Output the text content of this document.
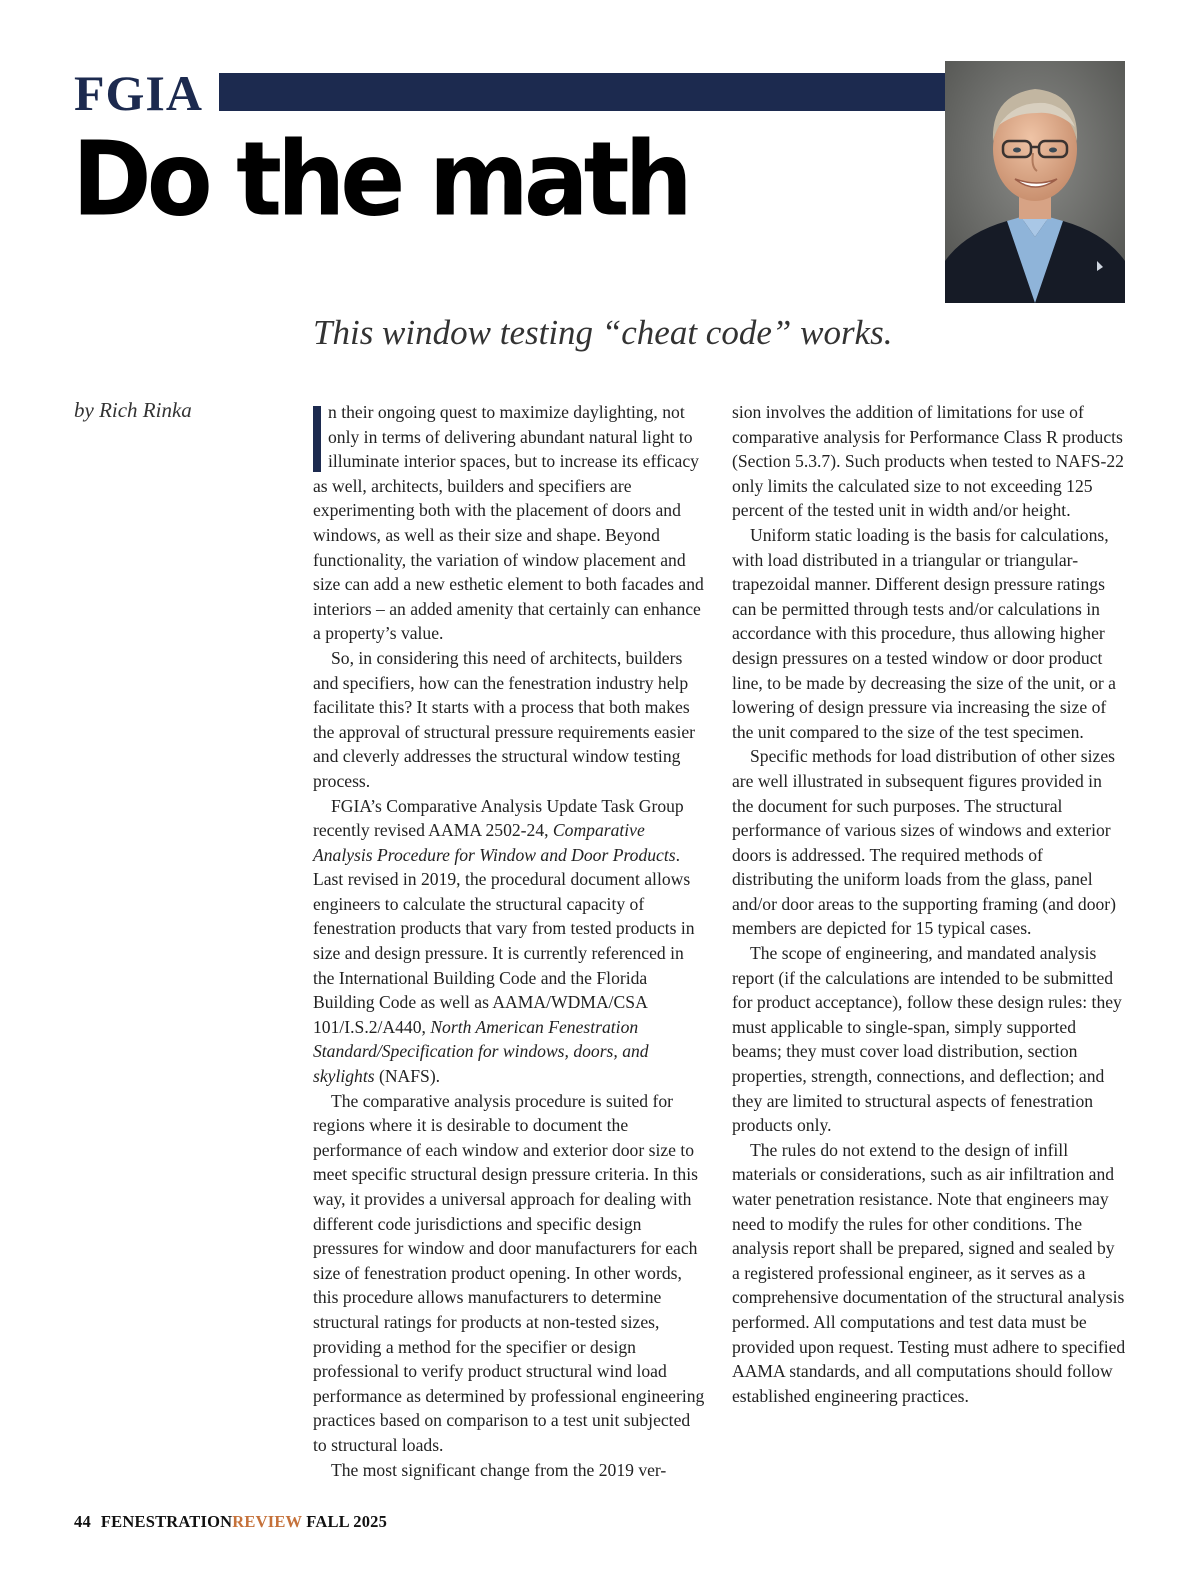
FGIA
Do the math
This window testing “cheat code” works.
by Rich Rinka	n their ongoing quest to maximize daylighting, not only in terms of delivering abundant natural light to illuminate interior spaces, but to increase its efficacy as well, architects, builders and specifiers are experimenting both with the placement of doors and windows, as well as their size and shape. Beyond functionality, the variation of window placement and size can add a new esthetic element to both facades and interiors – an added amenity that certainly can enhance a property’s value.

So, in considering this need of architects, builders and specifiers, how can the fenestration industry help facilitate this? It starts with a process that both makes the approval of structural pressure requirements easier and cleverly addresses the structural window testing process.

FGIA’s Comparative Analysis Update Task Group recently revised AAMA 2502-24, Comparative Analysis Procedure for Window and Door Products. Last revised in 2019, the procedural document allows engineers to calculate the structural capacity of fenestration products that vary from tested products in size and design pressure. It is currently referenced in the International Building Code and the Florida Building Code as well as AAMA/WDMA/CSA 101/I.S.2/A440, North American Fenestration Standard/Specification for windows, doors, and skylights (NAFS).

The comparative analysis procedure is suited for regions where it is desirable to document the performance of each window and exterior door size to meet specific structural design pressure criteria. In this way, it provides a universal approach for dealing with different code jurisdictions and specific design pressures for window and door manufacturers for each size of fenestration product opening. In other words, this procedure allows manufacturers to determine structural ratings for products at non-tested sizes, providing a method for the specifier or design professional to verify product structural wind load performance as determined by professional engineering practices based on comparison to a test unit subjected to structural loads.

The most significant change from the 2019 ver-

sion involves the addition of limitations for use of comparative analysis for Performance Class R products (Section 5.3.7). Such products when tested to NAFS-22 only limits the calculated size to not exceeding 125 percent of the tested unit in width and/or height.

Uniform static loading is the basis for calculations, with load distributed in a triangular or triangular-trapezoidal manner. Different design pressure ratings can be permitted through tests and/or calculations in accordance with this procedure, thus allowing higher design pressures on a tested window or door product line, to be made by decreasing the size of the unit, or a lowering of design pressure via increasing the size of the unit compared to the size of the test specimen.

Specific methods for load distribution of other sizes are well illustrated in subsequent figures provided in the document for such purposes. The structural performance of various sizes of windows and exterior doors is addressed. The required methods of distributing the uniform loads from the glass, panel and/or door areas to the supporting framing (and door) members are depicted for 15 typical cases.

The scope of engineering, and mandated analysis report (if the calculations are intended to be submitted for product acceptance), follow these design rules: they must applicable to single-span, simply supported beams; they must cover load distribution, section properties, strength, connections, and deflection; and they are limited to structural aspects of fenestration products only.

The rules do not extend to the design of infill materials or considerations, such as air infiltration and water penetration resistance. Note that engineers may need to modify the rules for other conditions. The analysis report shall be prepared, signed and sealed by a registered professional engineer, as it serves as a comprehensive documentation of the structural analysis performed. All computations and test data must be provided upon request. Testing must adhere to specified AAMA standards, and all computations should follow established engineering practices.

44 FENESTRATIONREVIEW FALL 2025
